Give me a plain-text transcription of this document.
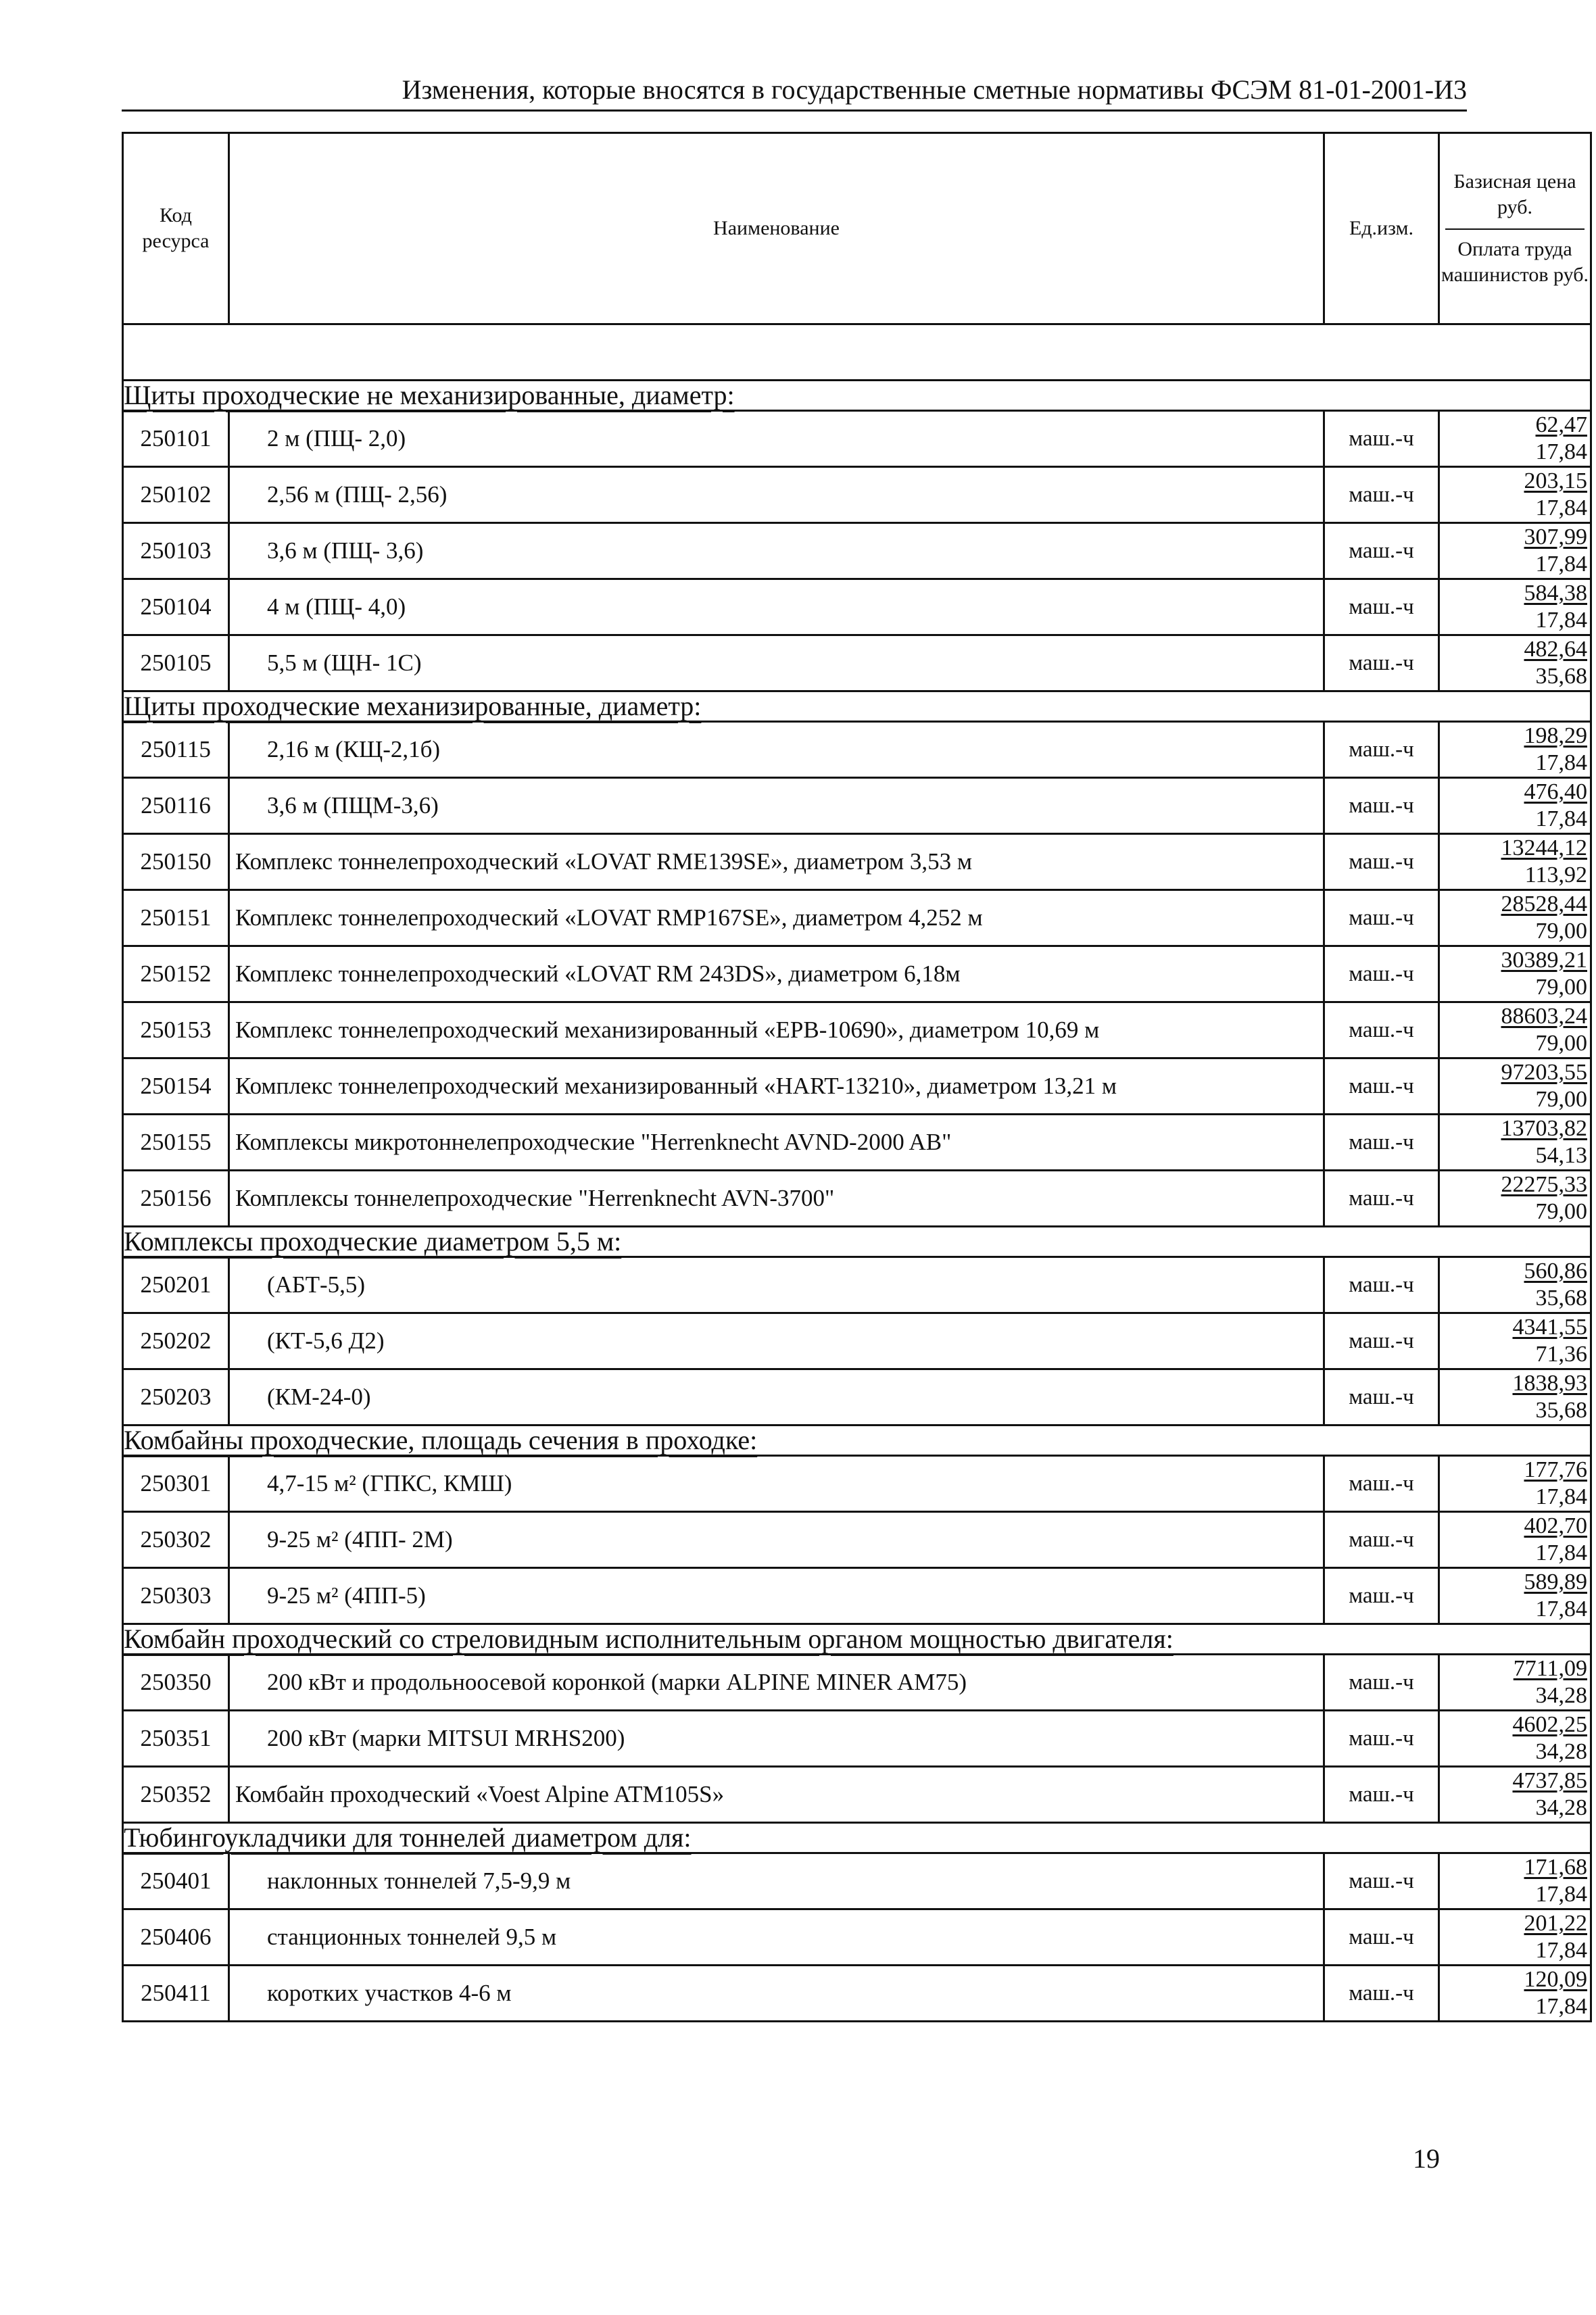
Изменения, которые вносятся в государственные сметные нормативы ФСЭМ 81-01-2001-И3
Код ресурса	Наименование	Ед.изм.	Базисная цена руб.
Оплата труда машинистов руб.

Щиты проходческие не механизированные, диаметр:			
250101	2 м (ПЩ- 2,0)	маш.-ч	62,47
17,84

250102	2,56 м (ПЩ- 2,56)	маш.-ч	203,15
17,84

250103	3,6 м (ПЩ- 3,6)	маш.-ч	307,99
17,84

250104	4 м (ПЩ- 4,0)	маш.-ч	584,38
17,84

250105	5,5 м (ЩН- 1С)	маш.-ч	482,64
35,68

Щиты проходческие механизированные, диаметр:			
250115	2,16 м (КЩ-2,1б)	маш.-ч	198,29
17,84

250116	3,6 м (ПЩМ-3,6)	маш.-ч	476,40
17,84

250150	Комплекс тоннелепроходческий «LOVAT RME139SE», диаметром 3,53 м	маш.-ч	13244,12
113,92

250151	Комплекс тоннелепроходческий «LOVAT RMP167SE», диаметром 4,252 м	маш.-ч	28528,44
79,00

250152	Комплекс тоннелепроходческий «LOVAT RM 243DS», диаметром 6,18м	маш.-ч	30389,21
79,00

250153	Комплекс тоннелепроходческий механизированный «EPB-10690», диаметром 10,69 м	маш.-ч	88603,24
79,00

250154	Комплекс тоннелепроходческий механизированный «HART-13210», диаметром 13,21 м	маш.-ч	97203,55
79,00

250155	Комплексы микротоннелепроходческие "Herrenknecht AVND-2000 AB"	маш.-ч	13703,82
54,13

250156	Комплексы тоннелепроходческие "Herrenknecht AVN-3700"	маш.-ч	22275,33
79,00

Комплексы проходческие диаметром 5,5 м:			
250201	(АБТ-5,5)	маш.-ч	560,86
35,68

250202	(КТ-5,6 Д2)	маш.-ч	4341,55
71,36

250203	(КМ-24-0)	маш.-ч	1838,93
35,68

Комбайны проходческие, площадь сечения в проходке:			
250301	4,7-15 м² (ГПКС, КМШ)	маш.-ч	177,76
17,84

250302	9-25 м² (4ПП- 2М)	маш.-ч	402,70
17,84

250303	9-25 м² (4ПП-5)	маш.-ч	589,89
17,84

Комбайн проходческий со стреловидным исполнительным органом мощностью двигателя:			
250350	200 кВт и продольноосевой коронкой (марки ALPINE MINER AM75)	маш.-ч	7711,09
34,28

250351	200 кВт (марки MITSUI MRHS200)	маш.-ч	4602,25
34,28

250352	Комбайн проходческий «Voest Alpine ATM105S»	маш.-ч	4737,85
34,28

Тюбингоукладчики для тоннелей диаметром для:			
250401	наклонных тоннелей 7,5-9,9 м	маш.-ч	171,68
17,84

250406	станционных тоннелей 9,5 м	маш.-ч	201,22
17,84

250411	коротких участков 4-6 м	маш.-ч	120,09
17,84
19
